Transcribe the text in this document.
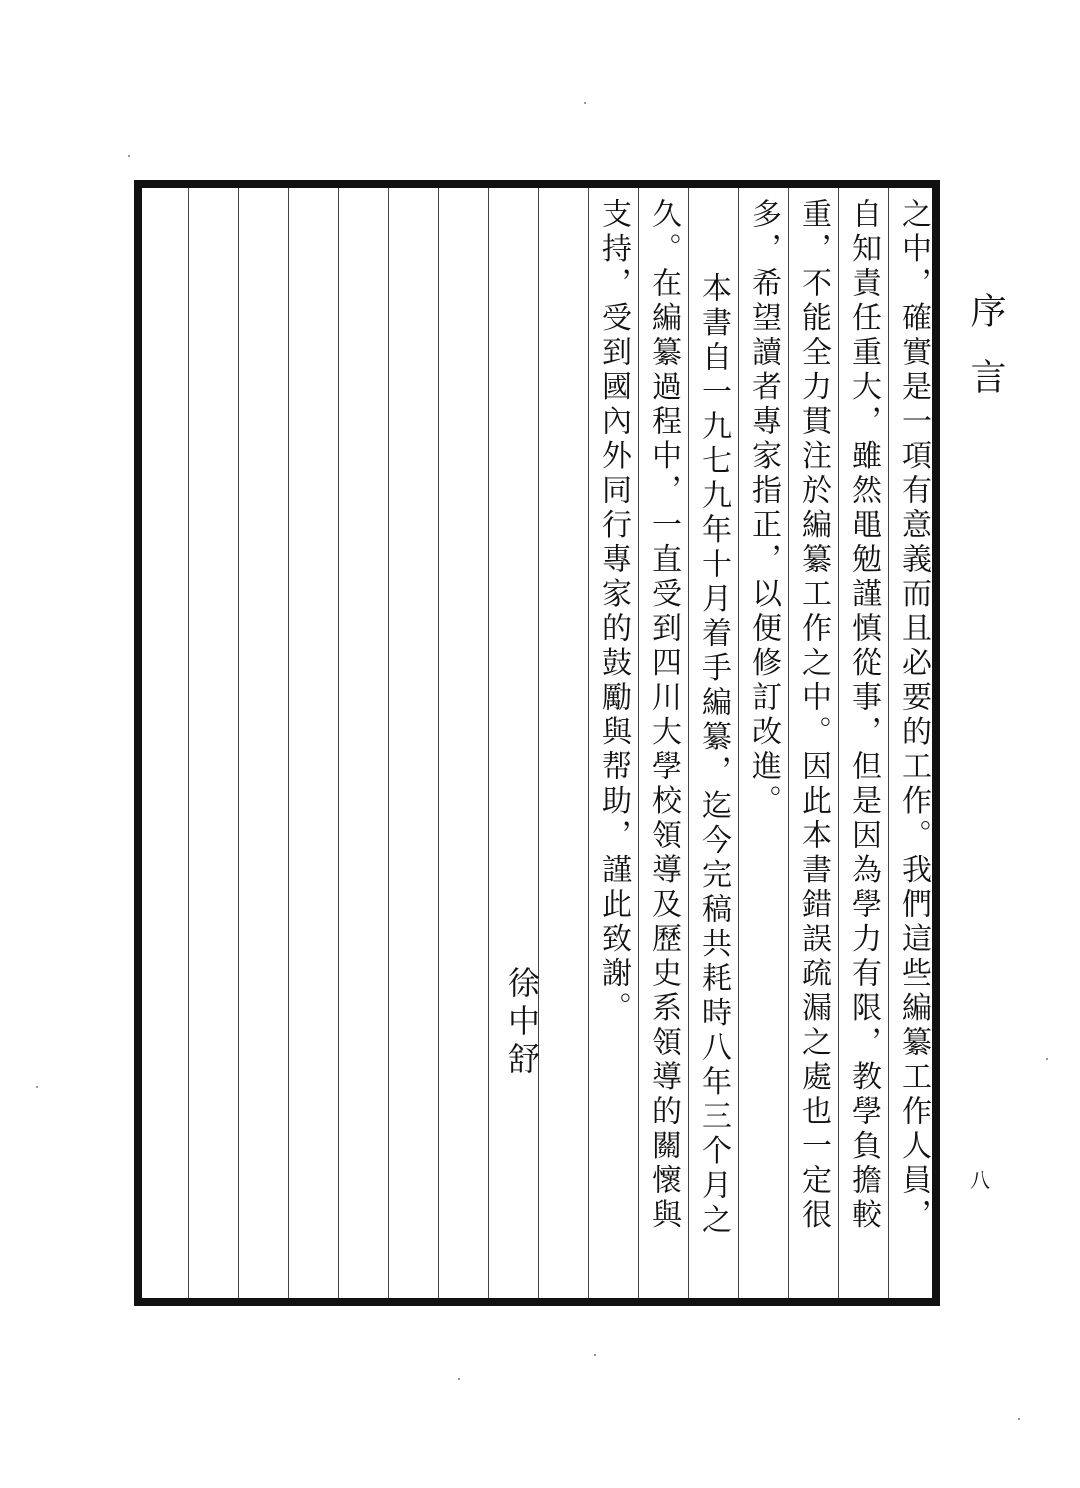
序言
之中，確實是一項有意義而且必要的工作。我們這些編纂工作人員，
自知責任重大，雖然黽勉謹慎從事，但是因為學力有限，教學負擔較
重，不能全力貫注於編纂工作之中。因此本書錯誤疏漏之處也一定很
多，希望讀者專家指正，以便修訂改進。
本書自一九七九年十月着手編纂，迄今完稿共耗時八年三个月之
久。在編纂過程中，一直受到四川大學校領導及歷史系領導的關懷與
支持，受到國內外同行專家的鼓勵與帮助，謹此致謝。
徐中舒
八
